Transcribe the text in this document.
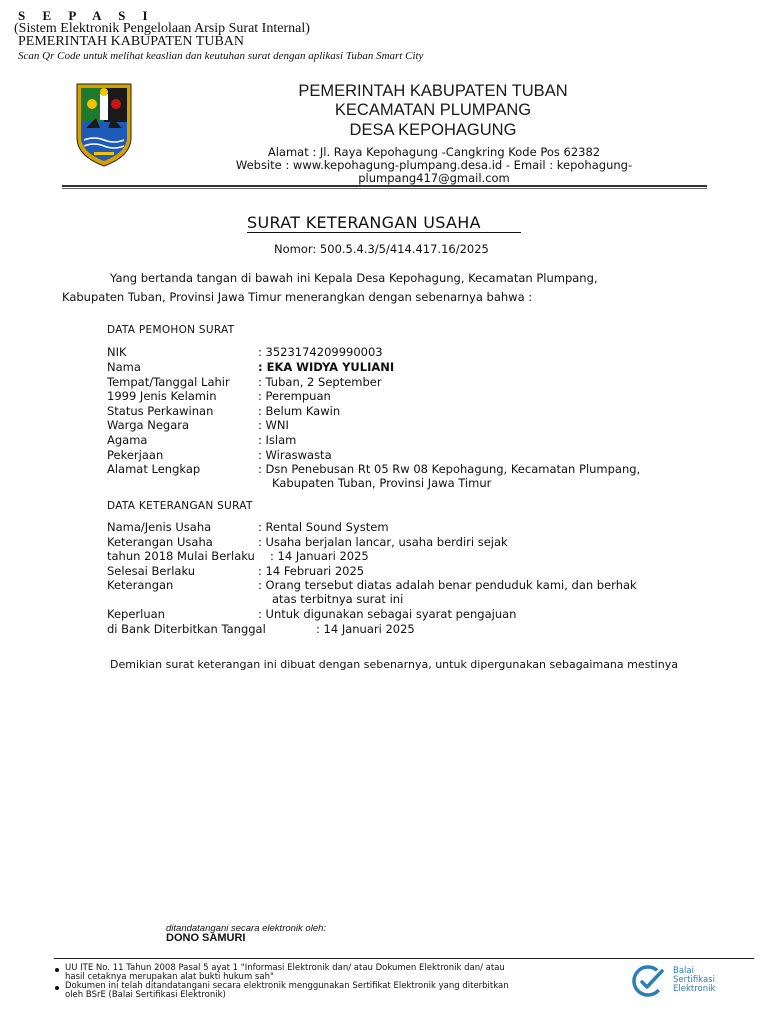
S E P A S I
(Sistem Elektronik Pengelolaan Arsip Surat Internal)
PEMERINTAH KABUPATEN TUBAN
Scan Qr Code untuk melihat keaslian dan keutuhan surat dengan aplikasi Tuban Smart City
PEMERINTAH KABUPATEN TUBAN
KECAMATAN PLUMPANG
DESA KEPOHAGUNG
Alamat : Jl. Raya Kepohagung -Cangkring Kode Pos 62382
Website : www.kepohagung-plumpang.desa.id - Email : kepohagung-plumpang417@gmail.com
SURAT KETERANGAN USAHA
Nomor: 500.5.4.3/5/414.417.16/2025
Yang bertanda tangan di bawah ini Kepala Desa Kepohagung, Kecamatan Plumpang,
Kabupaten Tuban, Provinsi Jawa Timur menerangkan dengan sebenarnya bahwa :
DATA PEMOHON SURAT
NIK	: 3523174209990003
Nama	: EKA WIDYA YULIANI
Tempat/Tanggal Lahir : Tuban, 2 September
1999 Jenis Kelamin	: Perempuan
Status Perkawinan	: Belum Kawin
Warga Negara	: WNI
Agama	: Islam
Pekerjaan	: Wiraswasta
Alamat Lengkap	: Dsn Penebusan Rt 05 Rw 08 Kepohagung, Kecamatan Plumpang,
Kabupaten Tuban, Provinsi Jawa Timur
DATA KETERANGAN SURAT
Nama/Jenis Usaha	: Rental Sound System
Keterangan Usaha	: Usaha berjalan lancar, usaha berdiri sejak
tahun 2018 Mulai Berlaku : 14 Januari 2025
Selesai Berlaku	: 14 Februari 2025
Keterangan	: Orang tersebut diatas adalah benar penduduk kami, dan berhak
atas terbitnya surat ini
Keperluan	: Untuk digunakan sebagai syarat pengajuan
di Bank Diterbitkan Tanggal	: 14 Januari 2025
Demikian surat keterangan ini dibuat dengan sebenarnya, untuk dipergunakan sebagaimana mestinya
ditandatangani secara elektronik oleh:
DONO SAMURI
UU ITE No. 11 Tahun 2008 Pasal 5 ayat 1 "Informasi Elektronik dan/ atau Dokumen Elektronik dan/ atau
hasil cetaknya merupakan alat bukti hukum sah"
Dokumen ini telah ditandatangani secara elektronik menggunakan Sertifikat Elektronik yang diterbitkan
oleh BSrE (Balai Sertifikasi Elektronik)
Balai
Sertifikasi
Elektronik
